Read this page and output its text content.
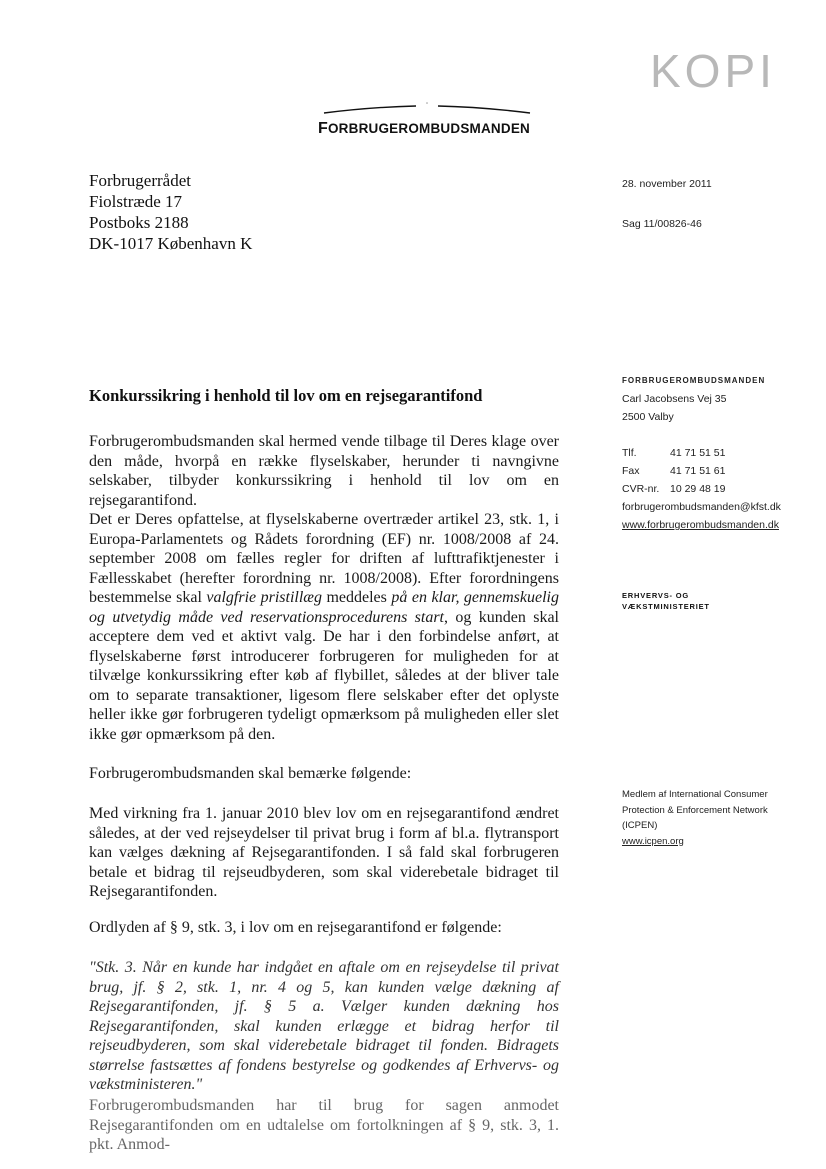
KOPI
FORBRUGEROMBUDSMANDEN
Forbrugerrådet
Fiolstræde 17
Postboks 2188
DK-1017 København K
28. november 2011
Sag 11/00826-46
FORBRUGEROMBUDSMANDEN
Carl Jacobsens Vej 35
2500 Valby
Tlf.	41 71 51 51
Fax	41 71 51 61
CVR-nr.	10 29 48 19
forbrugerombudsmanden@kfst.dk
www.forbrugerombudsmanden.dk
ERHVERVS- OG
VÆKSTMINISTERIET
Medlem af International Consumer
Protection & Enforcement Network
(ICPEN)
www.icpen.org
Konkurssikring i henhold til lov om en rejsegarantifond

Forbrugerombudsmanden skal hermed vende tilbage til Deres klage over den måde, hvorpå en række flyselskaber, herunder ti navngivne selskaber, tilbyder konkurssikring i henhold til lov om en rejsegarantifond.

Det er Deres opfattelse, at flyselskaberne overtræder artikel 23, stk. 1, i Europa-Parlamentets og Rådets forordning (EF) nr. 1008/2008 af 24. september 2008 om fælles regler for driften af lufttrafiktjenester i Fællesskabet (herefter forordning nr. 1008/2008). Efter forordningens bestemmelse skal valgfrie pristillæg meddeles på en klar, gennemskuelig og utvetydig måde ved reservationsprocedurens start, og kunden skal acceptere dem ved et aktivt valg. De har i den forbindelse anført, at flyselskaberne først introducerer forbrugeren for muligheden for at tilvælge konkurssikring efter køb af flybillet, således at der bliver tale om to separate transaktioner, ligesom flere selskaber efter det oplyste heller ikke gør forbrugeren tydeligt opmærksom på muligheden eller slet ikke gør opmærksom på den.

Forbrugerombudsmanden skal bemærke følgende:

Med virkning fra 1. januar 2010 blev lov om en rejsegarantifond ændret således, at der ved rejseydelser til privat brug i form af bl.a. flytransport kan vælges dækning af Rejsegarantifonden. I så fald skal forbrugeren betale et bidrag til rejseudbyderen, som skal viderebetale bidraget til Rejsegarantifonden.

Ordlyden af § 9, stk. 3, i lov om en rejsegarantifond er følgende:

"Stk. 3. Når en kunde har indgået en aftale om en rejseydelse til privat brug, jf. § 2, stk. 1, nr. 4 og 5, kan kunden vælge dækning af Rejsegarantifonden, jf. § 5 a. Vælger kunden dækning hos Rejsegarantifonden, skal kunden erlægge et bidrag herfor til rejseudbyderen, som skal viderebetale bidraget til fonden. Bidragets størrelse fastsættes af fondens bestyrelse og godkendes af Erhvervs- og vækstministeren."

Forbrugerombudsmanden har til brug for sagen anmodet Rejsegarantifonden om en udtalelse om fortolkningen af § 9, stk. 3, 1. pkt. Anmod-
